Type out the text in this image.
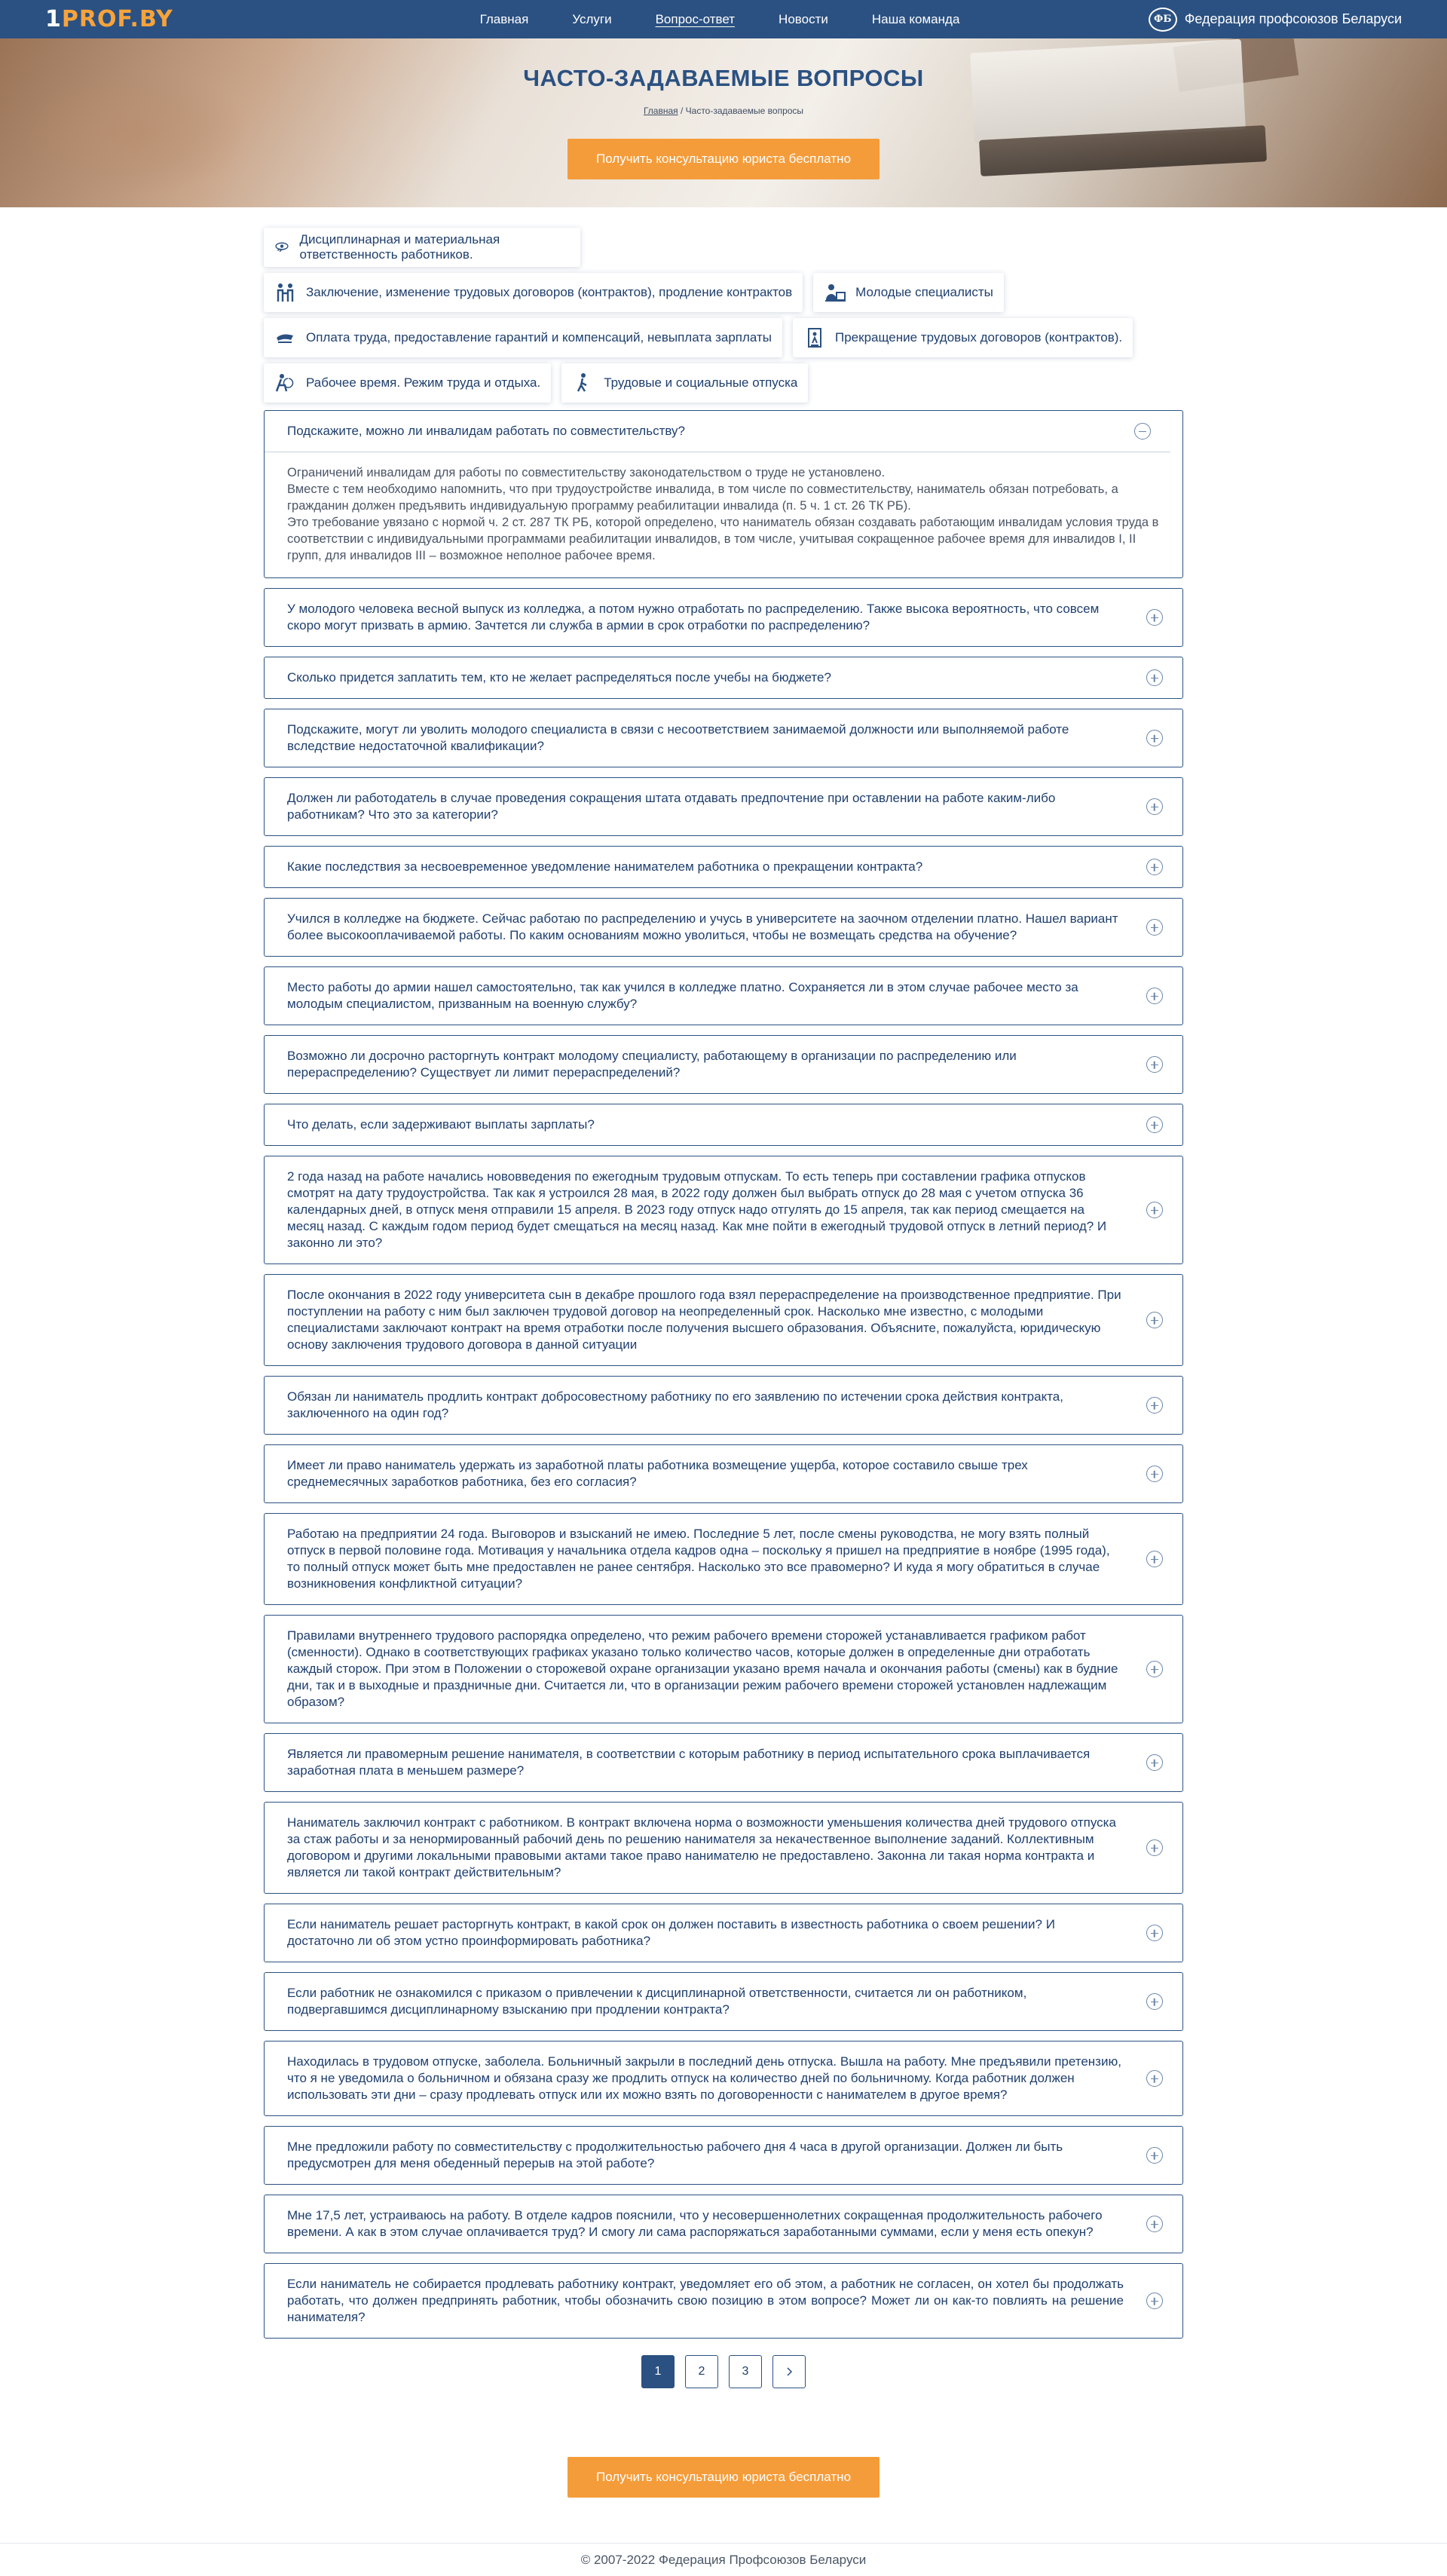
1PROF.BY	Главная	Услуги	Вопрос-ответ	Новости	Наша команда	ФБ Федерация профсоюзов Беларуси
ЧАСТО-ЗАДАВАЕМЫЕ ВОПРОСЫ
Главная / Часто-задаваемые вопросы
Получить консультацию юриста бесплатно
Дисциплинарная и материальная ответственность работников.
Заключение, изменение трудовых договоров (контрактов), продление контрактов	Молодые специалисты
Оплата труда, предоставление гарантий и компенсаций, невыплата зарплаты	Прекращение трудовых договоров (контрактов).
Рабочее время. Режим труда и отдыха.	Трудовые и социальные отпуска
Подскажите, можно ли инвалидам работать по совместительству?

Ограничений инвалидам для работы по совместительству законодательством о труде не установлено.

Вместе с тем необходимо напомнить, что при трудоустройстве инвалида, в том числе по совместительству, наниматель обязан потребовать, а гражданин должен предъявить индивидуальную программу реабилитации инвалида (п. 5 ч. 1 ст. 26 ТК РБ).

Это требование увязано с нормой ч. 2 ст. 287 ТК РБ, которой определено, что наниматель обязан создавать работающим инвалидам условия труда в соответствии с индивидуальными программами реабилитации инвалидов, в том числе, учитывая сокращенное рабочее время для инвалидов I, II групп, для инвалидов III – возможное неполное рабочее время.

У молодого человека весной выпуск из колледжа, а потом нужно отработать по распределению. Также высока вероятность, что совсем скоро могут призвать в армию. Зачтется ли служба в армии в срок отработки по распределению?
Сколько придется заплатить тем, кто не желает распределяться после учебы на бюджете?
Подскажите, могут ли уволить молодого специалиста в связи с несоответствием занимаемой должности или выполняемой работе вследствие недостаточной квалификации?
Должен ли работодатель в случае проведения сокращения штата отдавать предпочтение при оставлении на работе каким-либо работникам? Что это за категории?
Какие последствия за несвоевременное уведомление нанимателем работника о прекращении контракта?
Учился в колледже на бюджете. Сейчас работаю по распределению и учусь в университете на заочном отделении платно. Нашел вариант более высокооплачиваемой работы. По каким основаниям можно уволиться, чтобы не возмещать средства на обучение?
Место работы до армии нашел самостоятельно, так как учился в колледже платно. Сохраняется ли в этом случае рабочее место за молодым специалистом, призванным на военную службу?
Возможно ли досрочно расторгнуть контракт молодому специалисту, работающему в организации по распределению или перераспределению? Существует ли лимит перераспределений?
Что делать, если задерживают выплаты зарплаты?
2 года назад на работе начались нововведения по ежегодным трудовым отпускам. То есть теперь при составлении графика отпусков смотрят на дату трудоустройства. Так как я устроился 28 мая, в 2022 году должен был выбрать отпуск до 28 мая с учетом отпуска 36 календарных дней, в отпуск меня отправили 15 апреля. В 2023 году отпуск надо отгулять до 15 апреля, так как период смещается на месяц назад. С каждым годом период будет смещаться на месяц назад. Как мне пойти в ежегодный трудовой отпуск в летний период? И законно ли это?
После окончания в 2022 году университета сын в декабре прошлого года взял перераспределение на производственное предприятие. При поступлении на работу с ним был заключен трудовой договор на неопределенный срок. Насколько мне известно, с молодыми специалистами заключают контракт на время отработки после получения высшего образования. Объясните, пожалуйста, юридическую основу заключения трудового договора в данной ситуации
Обязан ли наниматель продлить контракт добросовестному работнику по его заявлению по истечении срока действия контракта, заключенного на один год?
Имеет ли право наниматель удержать из заработной платы работника возмещение ущерба, которое составило свыше трех среднемесячных заработков работника, без его согласия?
Работаю на предприятии 24 года. Выговоров и взысканий не имею. Последние 5 лет, после смены руководства, не могу взять полный отпуск в первой половине года. Мотивация у начальника отдела кадров одна – поскольку я пришел на предприятие в ноябре (1995 года), то полный отпуск может быть мне предоставлен не ранее сентября. Насколько это все правомерно? И куда я могу обратиться в случае возникновения конфликтной ситуации?
Правилами внутреннего трудового распорядка определено, что режим рабочего времени сторожей устанавливается графиком работ (сменности). Однако в соответствующих графиках указано только количество часов, которые должен в определенные дни отработать каждый сторож. При этом в Положении о сторожевой охране организации указано время начала и окончания работы (смены) как в будние дни, так и в выходные и праздничные дни. Считается ли, что в организации режим рабочего времени сторожей установлен надлежащим образом?
Является ли правомерным решение нанимателя, в соответствии с которым работнику в период испытательного срока выплачивается заработная плата в меньшем размере?
Наниматель заключил контракт с работником. В контракт включена норма о возможности уменьшения количества дней трудового отпуска за стаж работы и за ненормированный рабочий день по решению нанимателя за некачественное выполнение заданий. Коллективным договором и другими локальными правовыми актами такое право нанимателю не предоставлено. Законна ли такая норма контракта и является ли такой контракт действительным?
Если наниматель решает расторгнуть контракт, в какой срок он должен поставить в известность работника о своем решении? И достаточно ли об этом устно проинформировать работника?
Если работник не ознакомился с приказом о привлечении к дисциплинарной ответственности, считается ли он работником, подвергавшимся дисциплинарному взысканию при продлении контракта?
Находилась в трудовом отпуске, заболела. Больничный закрыли в последний день отпуска. Вышла на работу. Мне предъявили претензию, что я не уведомила о больничном и обязана сразу же продлить отпуск на количество дней по больничному. Когда работник должен использовать эти дни – сразу продлевать отпуск или их можно взять по договоренности с нанимателем в другое время?
Мне предложили работу по совместительству с продолжительностью рабочего дня 4 часа в другой организации. Должен ли быть предусмотрен для меня обеденный перерыв на этой работе?
Мне 17,5 лет, устраиваюсь на работу. В отделе кадров пояснили, что у несовершеннолетних сокращенная продолжительность рабочего времени. А как в этом случае оплачивается труд? И смогу ли сама распоряжаться заработанными суммами, если у меня есть опекун?
Если наниматель не собирается продлевать работнику контракт, уведомляет его об этом, а работник не согласен, он хотел бы продолжать работать, что должен предпринять работник, чтобы обозначить свою позицию в этом вопросе? Может ли он как-то повлиять на решение нанимателя?
1	2	3
Получить консультацию юриста бесплатно
© 2007-2022 Федерация Профсоюзов Беларуси
